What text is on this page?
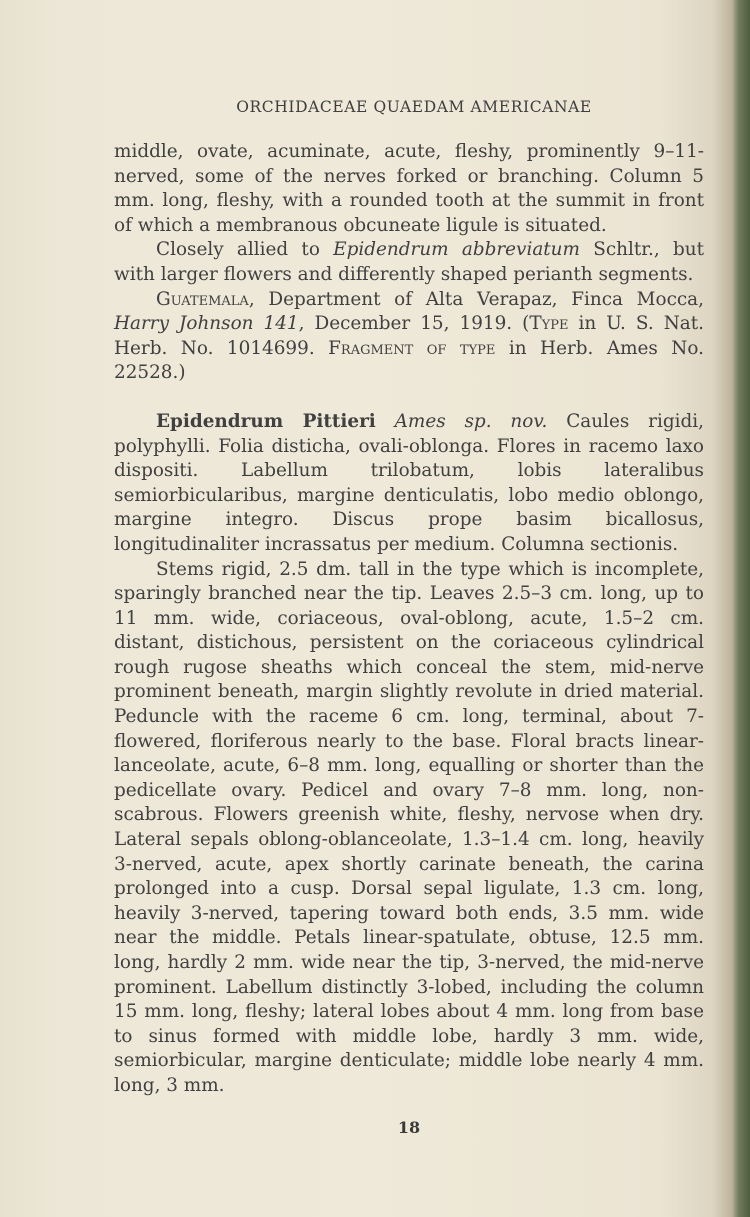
ORCHIDACEAE QUAEDAM AMERICANAE

middle, ovate, acuminate, acute, fleshy, prominently 9–11-nerved, some of the nerves forked or branching. Column 5 mm. long, fleshy, with a rounded tooth at the summit in front of which a membranous obcuneate ligule is situated.

Closely allied to Epidendrum abbreviatum Schltr., but with larger flowers and differently shaped perianth segments.

Guatemala, Department of Alta Verapaz, Finca Mocca, Harry Johnson 141, December 15, 1919. (Type in U. S. Nat. Herb. No. 1014699. Fragment of type in Herb. Ames No. 22528.)

Epidendrum Pittieri Ames sp. nov. Caules rigidi, polyphylli. Folia disticha, ovali-oblonga. Flores in racemo laxo dispositi. Labellum trilobatum, lobis lateralibus semiorbicularibus, margine denticulatis, lobo medio oblongo, margine integro. Discus prope basim bicallosus, longitudinaliter incrassatus per medium. Columna sectionis.

Stems rigid, 2.5 dm. tall in the type which is incomplete, sparingly branched near the tip. Leaves 2.5–3 cm. long, up to 11 mm. wide, coriaceous, oval-oblong, acute, 1.5–2 cm. distant, distichous, persistent on the coriaceous cylindrical rough rugose sheaths which conceal the stem, mid-nerve prominent beneath, margin slightly revolute in dried material. Peduncle with the raceme 6 cm. long, terminal, about 7-flowered, floriferous nearly to the base. Floral bracts linear-lanceolate, acute, 6–8 mm. long, equalling or shorter than the pedicellate ovary. Pedicel and ovary 7–8 mm. long, non-scabrous. Flowers greenish white, fleshy, nervose when dry. Lateral sepals oblong-oblanceolate, 1.3–1.4 cm. long, heavily 3-nerved, acute, apex shortly carinate beneath, the carina prolonged into a cusp. Dorsal sepal ligulate, 1.3 cm. long, heavily 3-nerved, tapering toward both ends, 3.5 mm. wide near the middle. Petals linear-spatulate, obtuse, 12.5 mm. long, hardly 2 mm. wide near the tip, 3-nerved, the mid-nerve prominent. Labellum distinctly 3-lobed, including the column 15 mm. long, fleshy; lateral lobes about 4 mm. long from base to sinus formed with middle lobe, hardly 3 mm. wide, semiorbicular, margine denticulate; middle lobe nearly 4 mm. long, 3 mm.

18
